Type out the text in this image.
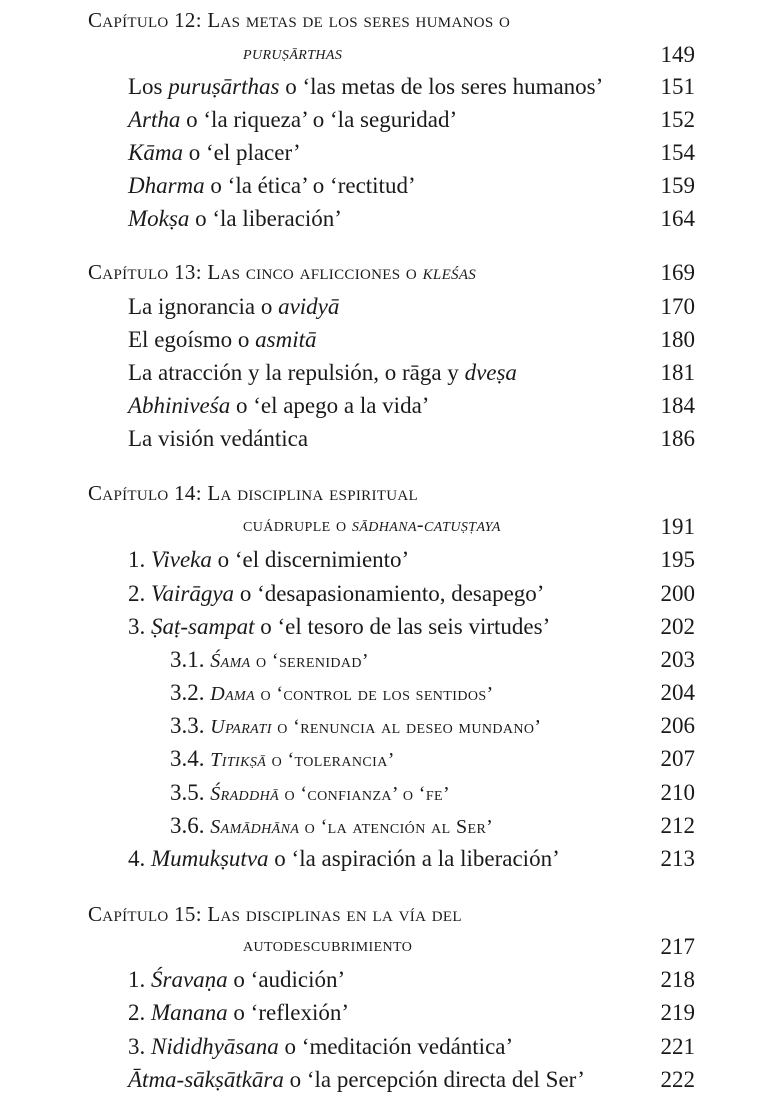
Capítulo 12: Las metas de los seres humanos o
puruṣārthas	149
Los puruṣārthas o ‘las metas de los seres humanos’ 151
Artha o ‘la riqueza’ o ‘la seguridad’	152
Kāma o ‘el placer’	154
Dharma o ‘la ética’ o ‘rectitud’	159
Mokṣa o ‘la liberación’	164
Capítulo 13: Las cinco aflicciones o kleśas	169
La ignorancia o avidyā	170
El egoísmo o asmitā	180
La atracción y la repulsión, o rāga y dveṣa	181
Abhiniveśa o ‘el apego a la vida’	184
La visión vedántica	186
Capítulo 14: La disciplina espiritual
cuádruple o sādhana-catuṣṭaya	191
1. Viveka o ‘el discernimiento’	195
2. Vairāgya o ‘desapasionamiento, desapego’	200
3. Ṣaṭ-sampat o ‘el tesoro de las seis virtudes’	202
3.1. Śama o ‘serenidad’	203
3.2. Dama o ‘control de los sentidos’	204
3.3. Uparati o ‘renuncia al deseo mundano’	206
3.4. Titikṣā o ‘tolerancia’	207
3.5. Śraddhā o ‘confianza’ o ‘fe’	210
3.6. Samādhāna o ‘la atención al Ser’	212
4. Mumukṣutva o ‘la aspiración a la liberación’	213
Capítulo 15: Las disciplinas en la vía del
autodescubrimiento	217
1. Śravaṇa o ‘audición’	218
2. Manana o ‘reflexión’	219
3. Nididhyāsana o ‘meditación vedántica’	221
Ātma-sākṣātkāra o ‘la percepción directa del Ser’	222
